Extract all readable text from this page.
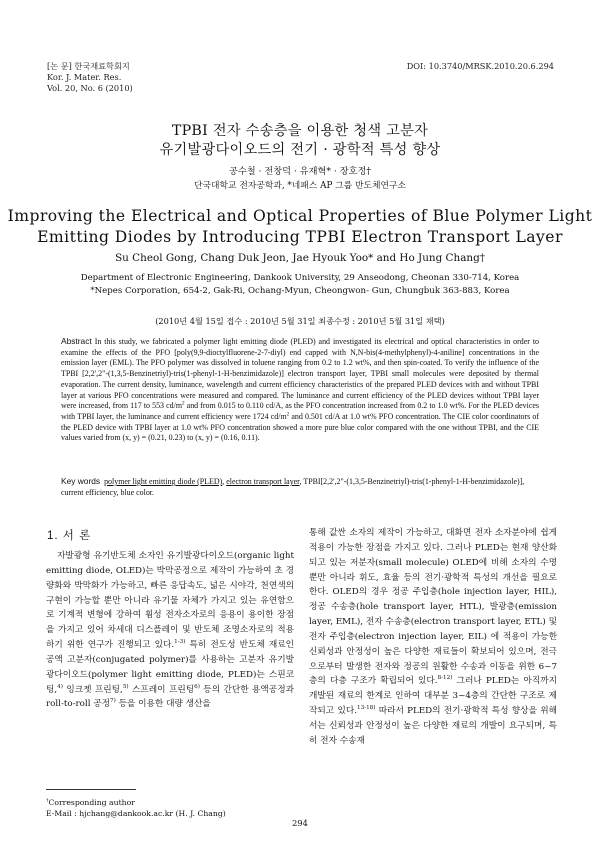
[논 문] 한국재료학회지
Kor. J. Mater. Res.
Vol. 20, No. 6 (2010)
DOI: 10.3740/MRSK.2010.20.6.294
TPBI 전자 수송층을 이용한 청색 고분자
유기발광다이오드의 전기 · 광학적 특성 향상
공수철 · 전창덕 · 유재혁* · 장호정†
단국대학교 전자공학과, *네패스 AP 그룹 반도체연구소
Improving the Electrical and Optical Properties of Blue Polymer Light
Emitting Diodes by Introducing TPBI Electron Transport Layer
Su Cheol Gong, Chang Duk Jeon, Jae Hyouk Yoo* and Ho Jung Chang†
Department of Electronic Engineering, Dankook University, 29 Anseodong, Cheonan 330-714, Korea
*Nepes Corporation, 654-2, Gak-Ri, Ochang-Myun, Cheongwon- Gun, Chungbuk 363-883, Korea
(2010년 4월 15일 접수 : 2010년 5월 31일 최종수정 : 2010년 5월 31일 채택)
Abstract In this study, we fabricated a polymer light emitting diode (PLED) and investigated its electrical and optical characteristics in order to examine the effects of the PFO [poly(9,9-dioctylfluorene-2-7-diyl) end capped with N,N-bis(4-methylphenyl)-4-aniline] concentrations in the emission layer (EML). The PFO polymer was dissolved in toluene ranging from 0.2 to 1.2 wt%, and then spin-coated. To verify the influence of the TPBI [2,2',2"-(1,3,5-Benzinetriyl)-tris(1-phenyl-1-H-benzimidazole)] electron transport layer, TPBI small molecules were deposited by thermal evaporation. The current density, luminance, wavelength and current efficiency characteristics of the prepared PLED devices with and without TPBI layer at various PFO concentrations were measured and compared. The luminance and current efficiency of the PLED devices without TPBI layer were increased, from 117 to 553 $cd/m^2$ and from 0.015 to 0.110 cd/A, as the PFO concentration increased from 0.2 to 1.0 wt%. For the PLED devices with TPBI layer, the luminance and current efficiency were 1724 $cd/m^2$ and 0.501 cd/A at 1.0 wt% PFO concentration. The CIE color coordinators of the PLED device with TPBI layer at 1.0 wt% PFO concentration showed a more pure blue color compared with the one without TPBI, and the CIE values varied from (x, y) = (0.21, 0.23) to (x, y) = (0.16, 0.11).
Key words polymer light emitting diode (PLED), electron transport layer, TPBI[2,2',2"-(1,3,5-Benzinetriyl)-tris(1-phenyl-1-H-benzimidazole)], current efficiency, blue color.
1. 서 론

자발광형 유기반도체 소자인 유기발광다이오드(organic light emitting diode, OLED)는 박막공정으로 제작이 가능하여 초 경량화와 박막화가 가능하고, 빠른 응답속도, 넓은 시야각, 천연색의 구현이 가능할 뿐만 아니라 유기물 자체가 가지고 있는 유연함으로 기계적 변형에 강하여 휨성 전자소자로의 응용이 용이한 장점을 가지고 있어 차세대 디스플레이 및 반도체 조명소자로의 적용하기 위한 연구가 진행되고 있다.$^{1-3)}$ 특히 전도성 반도체 재료인 공액 고분자(conjugated polymer)를 사용하는 고분자 유기발광다이오드(polymer light emitting diode, PLED)는 스핀코팅,$^{4)}$ 잉크젯 프린팅,$^{5)}$ 스프레이 프린팅$^{6)}$ 등의 간단한 용액공정과 roll-to-roll 공정$^{7)}$ 등을 이용한 대량 생산을

통해 값싼 소자의 제작이 가능하고, 대화면 전자 소자분야에 쉽게 적용이 가능한 장점을 가지고 있다. 그러나 PLED는 현재 양산화 되고 있는 저분자(small molecule) OLED에 비해 소자의 수명뿐만 아니라 휘도, 효율 등의 전기·광학적 특성의 개선을 필요로 한다. OLED의 경우 정공 주입층(hole injection layer, HIL), 정공 수송층(hole transport layer, HTL), 발광층(emission layer, EML), 전자 수송층(electron transport layer, ETL) 및 전자 주입층(electron injection layer, EIL) 에 적용이 가능한 신뢰성과 안정성이 높은 다양한 재료들이 확보되어 있으며, 전극으로부터 발생한 전자와 정공의 원활한 수송과 이동을 위한 6~7층의 다층 구조가 확립되어 있다.$^{8-12)}$ 그러나 PLED는 아직까지 개발된 재료의 한계로 인하여 대부분 3~4층의 간단한 구조로 제작되고 있다.$^{13-18)}$ 따라서 PLED의 전기·광학적 특성 향상을 위해서는 신뢰성과 안정성이 높은 다양한 재료의 개발이 요구되며, 특히 전자 수송재

†Corresponding author
E-Mail : hjchang@dankook.ac.kr (H. J. Chang)
294
